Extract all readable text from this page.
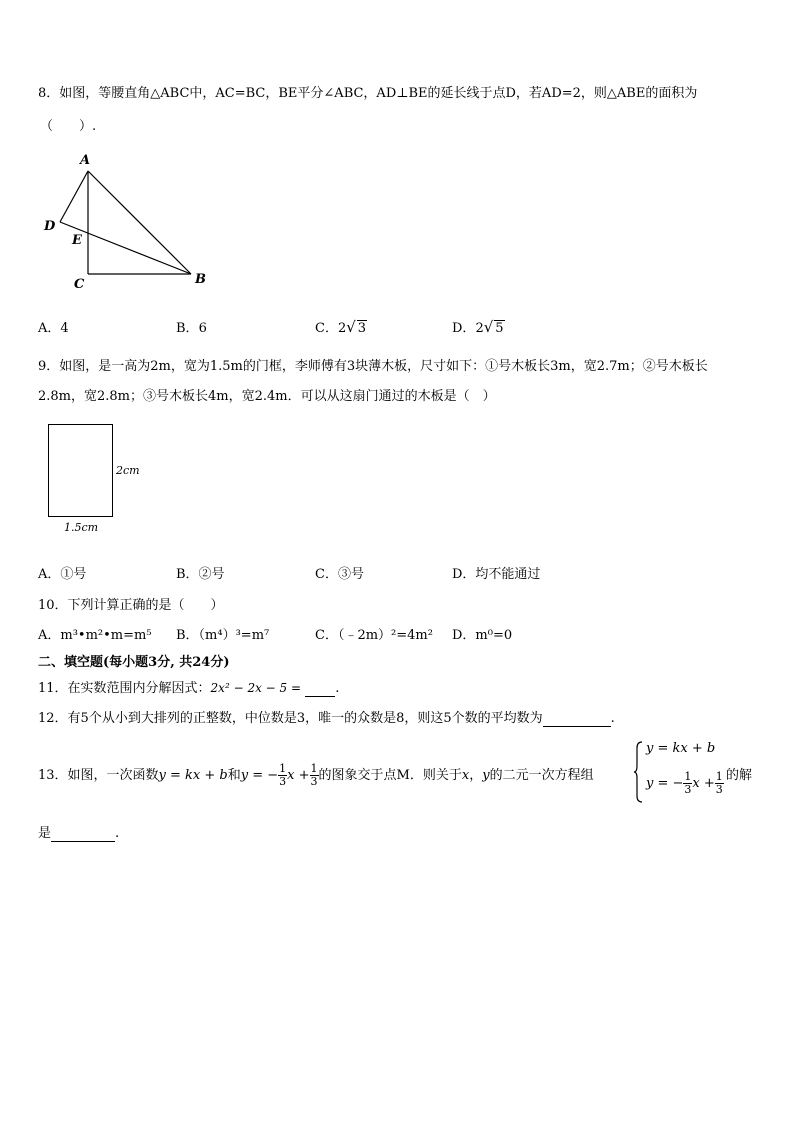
8．如图，等腰直角△ABC中，AC=BC，BE平分∠ABC，AD⊥BE的延长线于点D，若AD=2，则△ABE的面积为
（　　）.
A
D
E
C	B
A．4	B．6	C．2√ 3	D．2√ 5
9．如图，是一高为2m，宽为1.5m的门框，李师傅有3块薄木板，尺寸如下：①号木板长3m，宽2.7m；②号木板长
2.8m，宽2.8m；③号木板长4m，宽2.4m．可以从这扇门通过的木板是（　）
2cm
1.5cm
A．①号	B．②号	C．③号	D．均不能通过
10．下列计算正确的是（　　）
A．m³•m²•m=m⁵ B．（m⁴）³=m⁷	C．（﹣2m）²=4m² D．m⁰=0
二、填空题(每小题3分, 共24分)
11．在实数范围内分解因式：2x² − 2x − 5 =	.
12．有5个从小到大排列的正整数，中位数是3，唯一的众数是8，则这5个数的平均数为	.
13．如图，一次函数y = kx + b和y = − $\frac{1}{3}$ $x + \frac{1}{3}$ 的图象交于点M．则关于x，y的二元一次方程组
y = kx + b
y = − $\frac{1}{3}$ $x + \frac{1}{3}$ 的解
是	.
